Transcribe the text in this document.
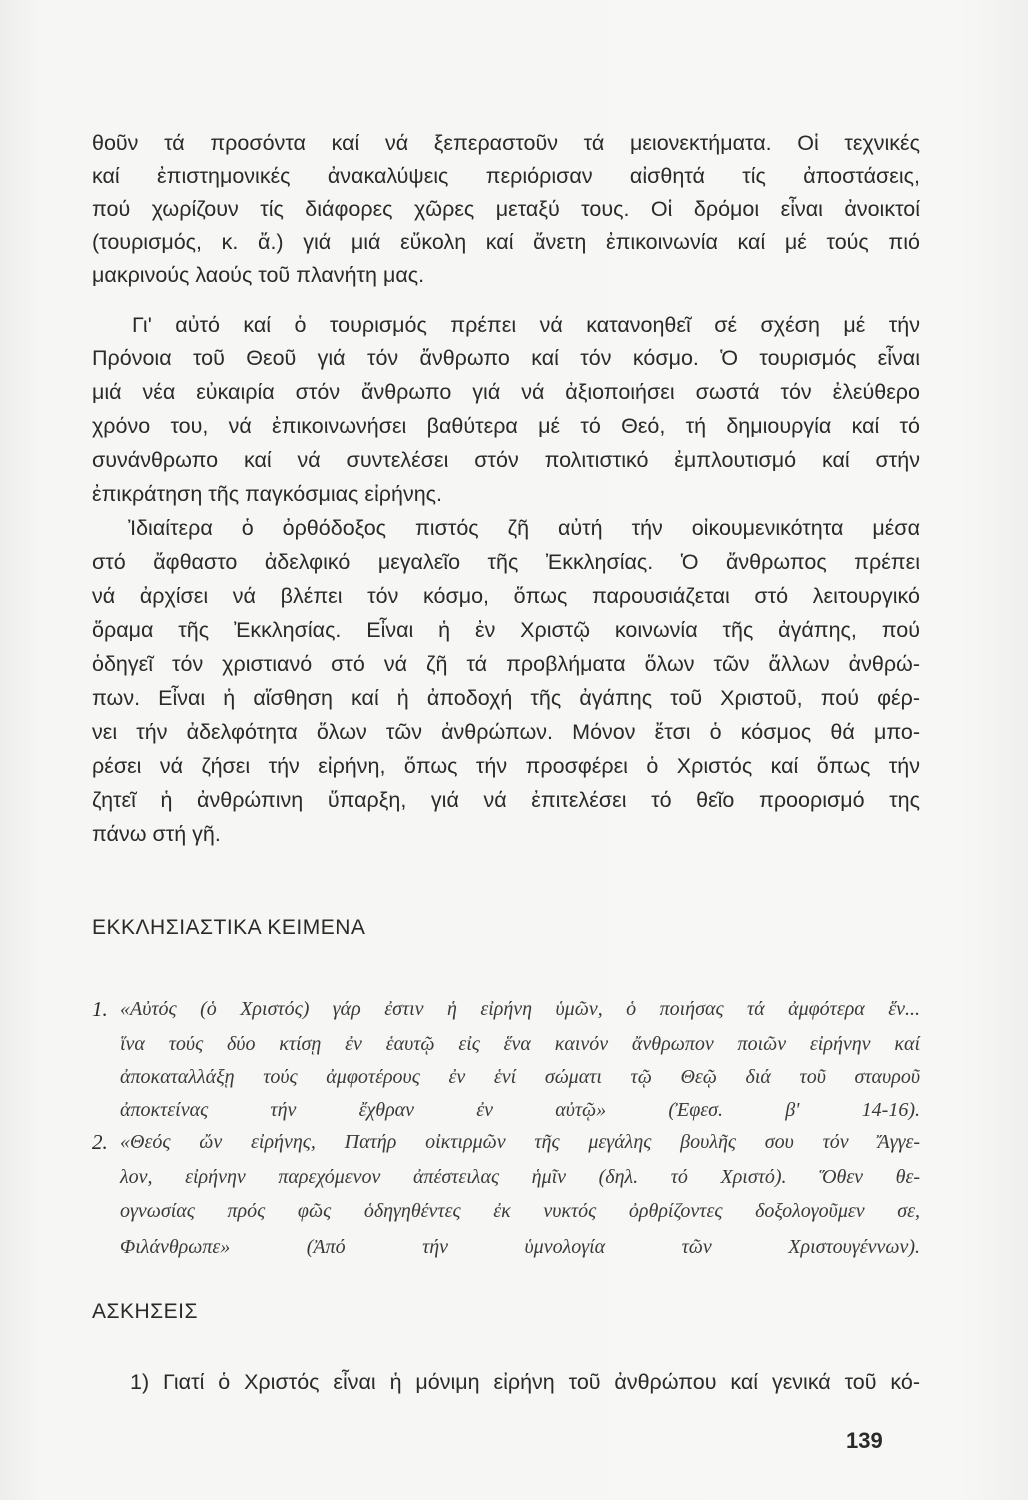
θοῦν τά προσόντα καί νά ξεπεραστοῦν τά μειονεκτήματα. Οἱ τεχνικές
καί ἐπιστημονικές ἀνακαλύψεις περιόρισαν αἰσθητά τίς ἀποστάσεις,
πού χωρίζουν τίς διάφορες χῶρες μεταξύ τους. Οἱ δρόμοι εἶναι ἀνοικτοί
(τουρισμός, κ. ἄ.) γιά μιά εὔκολη καί ἄνετη ἐπικοινωνία καί μέ τούς πιό
μακρινούς λαούς τοῦ πλανήτη μας.
Γι' αὐτό καί ὁ τουρισμός πρέπει νά κατανοηθεῖ σέ σχέση μέ τήν
Πρόνοια τοῦ Θεοῦ γιά τόν ἄνθρωπο καί τόν κόσμο. Ὁ τουρισμός εἶναι
μιά νέα εὐκαιρία στόν ἄνθρωπο γιά νά ἀξιοποιήσει σωστά τόν ἐλεύθερο
χρόνο του, νά ἐπικοινωνήσει βαθύτερα μέ τό Θεό, τή δημιουργία καί τό
συνάνθρωπο καί νά συντελέσει στόν πολιτιστικό ἐμπλουτισμό καί στήν
ἐπικράτηση τῆς παγκόσμιας εἰρήνης.
Ἰδιαίτερα ὁ ὀρθόδοξος πιστός ζῆ αὐτή τήν οἰκουμενικότητα μέσα
στό ἄφθαστο ἀδελφικό μεγαλεῖο τῆς Ἐκκλησίας. Ὁ ἄνθρωπος πρέπει
νά ἀρχίσει νά βλέπει τόν κόσμο, ὅπως παρουσιάζεται στό λειτουργικό
ὅραμα τῆς Ἐκκλησίας. Εἶναι ἡ ἐν Χριστῷ κοινωνία τῆς ἀγάπης, πού
ὁδηγεῖ τόν χριστιανό στό νά ζῆ τά προβλήματα ὅλων τῶν ἄλλων ἀνθρώ-
πων. Εἶναι ἡ αἴσθηση καί ἡ ἀποδοχή τῆς ἀγάπης τοῦ Χριστοῦ, πού φέρ-
νει τήν ἀδελφότητα ὅλων τῶν ἀνθρώπων. Μόνον ἔτσι ὁ κόσμος θά μπο-
ρέσει νά ζήσει τήν εἰρήνη, ὅπως τήν προσφέρει ὁ Χριστός καί ὅπως τήν
ζητεῖ ἡ ἀνθρώπινη ὕπαρξη, γιά νά ἐπιτελέσει τό θεῖο προορισμό της
πάνω στή γῆ.
ΕΚΚΛΗΣΙΑΣΤΙΚΑ ΚΕΙΜΕΝΑ
1. «Αὐτός (ὁ Χριστός) γάρ ἐστιν ἡ εἰρήνη ὑμῶν, ὁ ποιήσας τά ἀμφότερα ἕν...
ἵνα τούς δύο κτίσῃ ἐν ἑαυτῷ εἰς ἕνα καινόν ἄνθρωπον ποιῶν εἰρήνην καί
ἀποκαταλλάξῃ τούς ἀμφοτέρους ἐν ἑνί σώματι τῷ Θεῷ διά τοῦ σταυροῦ
ἀποκτείνας τήν ἔχθραν ἐν αὐτῷ» (Ἐφεσ. β' 14-16).
2. «Θεός ὤν εἰρήνης, Πατήρ οἰκτιρμῶν τῆς μεγάλης βουλῆς σου τόν Ἄγγε-
λον, εἰρήνην παρεχόμενον ἀπέστειλας ἡμῖν (δηλ. τό Χριστό). Ὅθεν θε-
ογνωσίας πρός φῶς ὁδηγηθέντες ἐκ νυκτός ὀρθρίζοντες δοξολογοῦμεν σε,
Φιλάνθρωπε» (Ἀπό τήν ὑμνολογία τῶν Χριστουγέννων).
ΑΣΚΗΣΕΙΣ
1) Γιατί ὁ Χριστός εἶναι ἡ μόνιμη εἰρήνη τοῦ ἀνθρώπου καί γενικά τοῦ κό-
139
